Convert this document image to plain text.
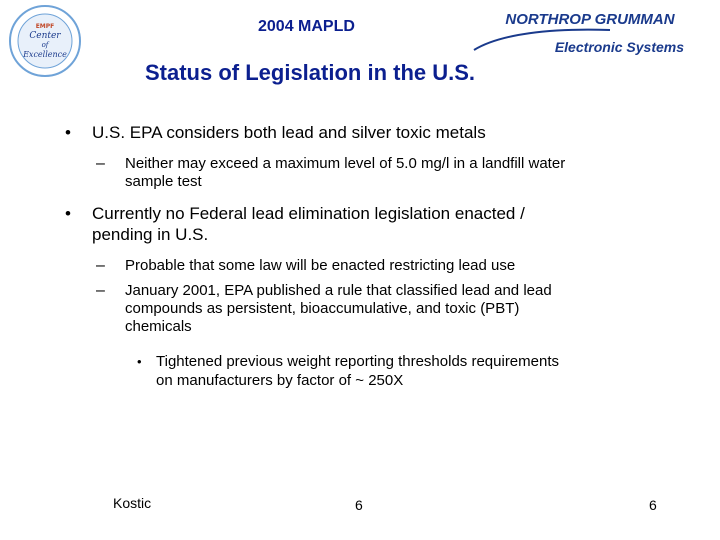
EMPF
Center
of
Excellence
2004 MAPLD	NORTHROP GRUMMAN
Electronic Systems
Status of Legislation in the U.S.
• U.S. EPA considers both lead and silver toxic metals
– Neither may exceed a maximum level of 5.0 mg/l in a landfill water
sample test
• Currently no Federal lead elimination legislation enacted /
pending in U.S.
– Probable that some law will be enacted restricting lead use
– January 2001, EPA published a rule that classified lead and lead
compounds as persistent, bioaccumulative, and toxic (PBT)
chemicals
• Tightened previous weight reporting thresholds requirements
on manufacturers by factor of ~ 250X
Kostic	6	6
